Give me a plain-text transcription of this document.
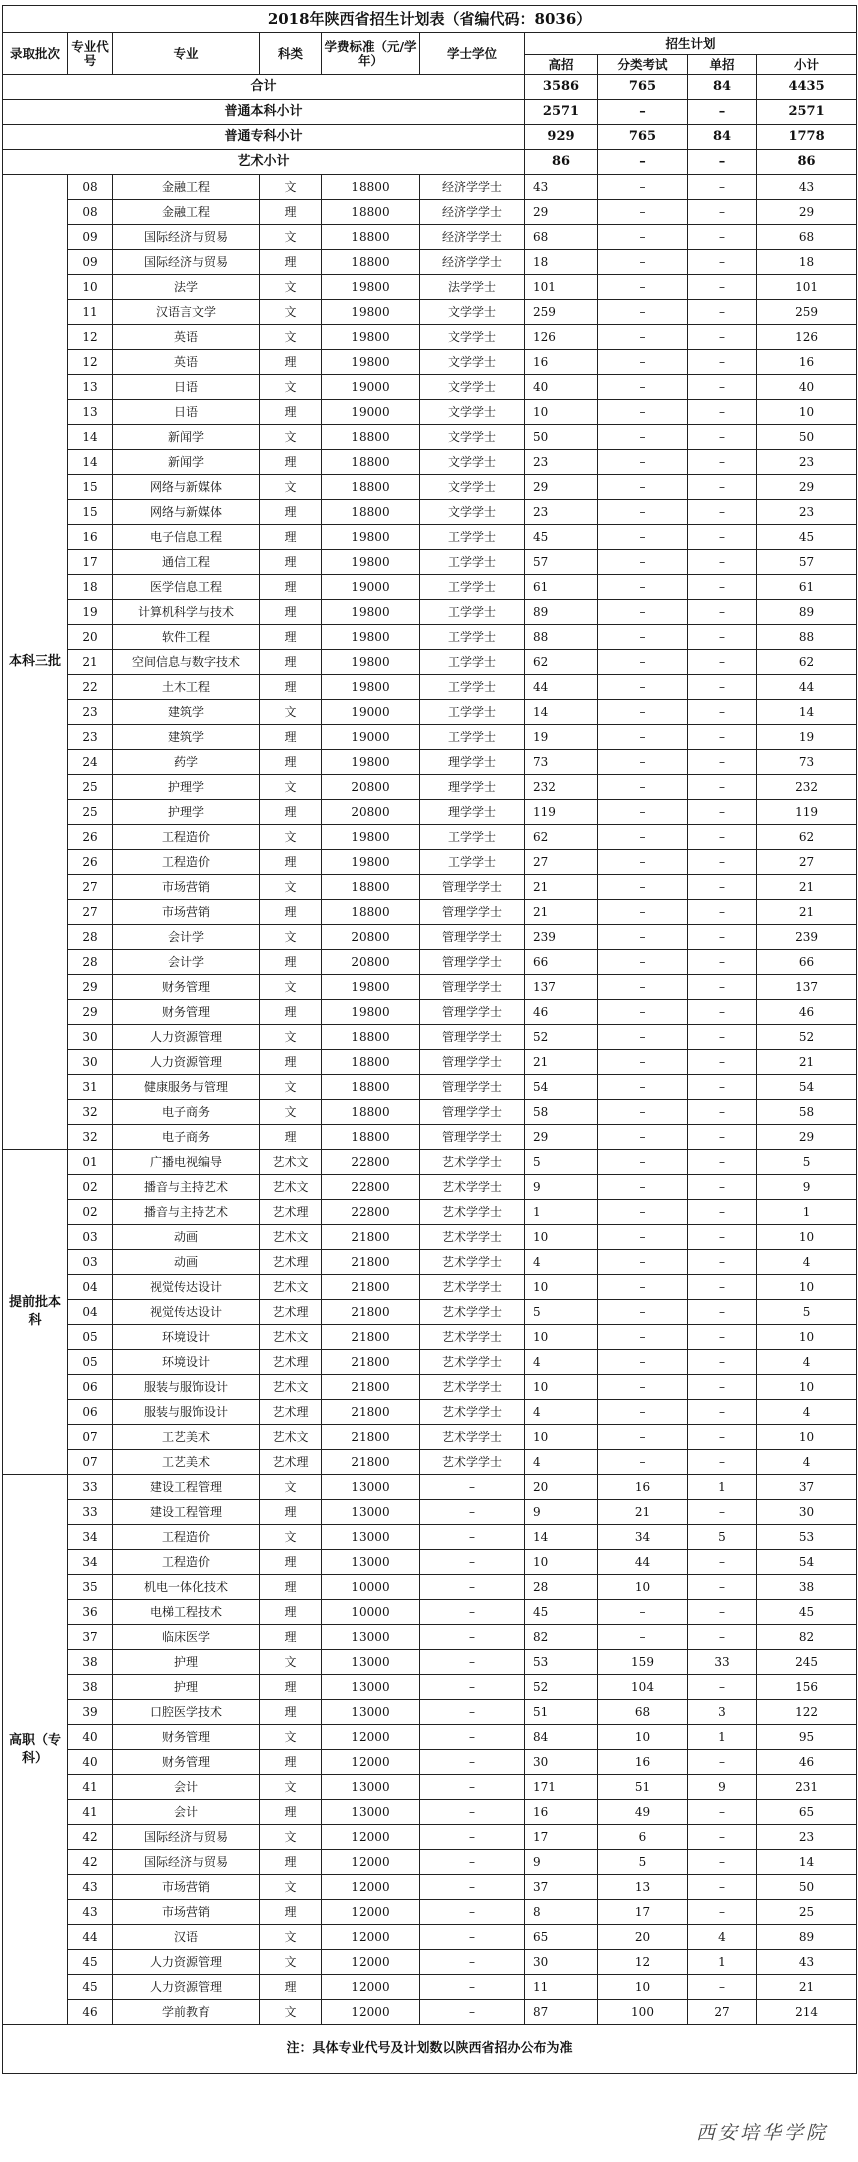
2018年陕西省招生计划表（省编代码：8036）									
录取批次	专业代号	专业	科类	学费标准（元/学年）	学士学位	招生计划			
						高招	分类考试	单招	小计
合计						3586	765	84	4435
普通本科小计						2571	–	–	2571
普通专科小计						929	765	84	1778
艺术小计						86	–	–	86
本科三批	08	金融工程	文	18800	经济学学士	43	–	–	43
	08	金融工程	理	18800	经济学学士	29	–	–	29
	09	国际经济与贸易	文	18800	经济学学士	68	–	–	68
	09	国际经济与贸易	理	18800	经济学学士	18	–	–	18
	10	法学	文	19800	法学学士	101	–	–	101
	11	汉语言文学	文	19800	文学学士	259	–	–	259
	12	英语	文	19800	文学学士	126	–	–	126
	12	英语	理	19800	文学学士	16	–	–	16
	13	日语	文	19000	文学学士	40	–	–	40
	13	日语	理	19000	文学学士	10	–	–	10
	14	新闻学	文	18800	文学学士	50	–	–	50
	14	新闻学	理	18800	文学学士	23	–	–	23
	15	网络与新媒体	文	18800	文学学士	29	–	–	29
	15	网络与新媒体	理	18800	文学学士	23	–	–	23
	16	电子信息工程	理	19800	工学学士	45	–	–	45
	17	通信工程	理	19800	工学学士	57	–	–	57
	18	医学信息工程	理	19000	工学学士	61	–	–	61
	19	计算机科学与技术	理	19800	工学学士	89	–	–	89
	20	软件工程	理	19800	工学学士	88	–	–	88
	21	空间信息与数字技术	理	19800	工学学士	62	–	–	62
	22	土木工程	理	19800	工学学士	44	–	–	44
	23	建筑学	文	19000	工学学士	14	–	–	14
	23	建筑学	理	19000	工学学士	19	–	–	19
	24	药学	理	19800	理学学士	73	–	–	73
	25	护理学	文	20800	理学学士	232	–	–	232
	25	护理学	理	20800	理学学士	119	–	–	119
	26	工程造价	文	19800	工学学士	62	–	–	62
	26	工程造价	理	19800	工学学士	27	–	–	27
	27	市场营销	文	18800	管理学学士	21	–	–	21
	27	市场营销	理	18800	管理学学士	21	–	–	21
	28	会计学	文	20800	管理学学士	239	–	–	239
	28	会计学	理	20800	管理学学士	66	–	–	66
	29	财务管理	文	19800	管理学学士	137	–	–	137
	29	财务管理	理	19800	管理学学士	46	–	–	46
	30	人力资源管理	文	18800	管理学学士	52	–	–	52
	30	人力资源管理	理	18800	管理学学士	21	–	–	21
	31	健康服务与管理	文	18800	管理学学士	54	–	–	54
	32	电子商务	文	18800	管理学学士	58	–	–	58
	32	电子商务	理	18800	管理学学士	29	–	–	29
提前批本科	01	广播电视编导	艺术文	22800	艺术学学士	5	–	–	5
	02	播音与主持艺术	艺术文	22800	艺术学学士	9	–	–	9
	02	播音与主持艺术	艺术理	22800	艺术学学士	1	–	–	1
	03	动画	艺术文	21800	艺术学学士	10	–	–	10
	03	动画	艺术理	21800	艺术学学士	4	–	–	4
	04	视觉传达设计	艺术文	21800	艺术学学士	10	–	–	10
	04	视觉传达设计	艺术理	21800	艺术学学士	5	–	–	5
	05	环境设计	艺术文	21800	艺术学学士	10	–	–	10
	05	环境设计	艺术理	21800	艺术学学士	4	–	–	4
	06	服装与服饰设计	艺术文	21800	艺术学学士	10	–	–	10
	06	服装与服饰设计	艺术理	21800	艺术学学士	4	–	–	4
	07	工艺美术	艺术文	21800	艺术学学士	10	–	–	10
	07	工艺美术	艺术理	21800	艺术学学士	4	–	–	4
高职（专科）	33	建设工程管理	文	13000	–	20	16	1	37
	33	建设工程管理	理	13000	–	9	21	–	30
	34	工程造价	文	13000	–	14	34	5	53
	34	工程造价	理	13000	–	10	44	–	54
	35	机电一体化技术	理	10000	–	28	10	–	38
	36	电梯工程技术	理	10000	–	45	–	–	45
	37	临床医学	理	13000	–	82	–	–	82
	38	护理	文	13000	–	53	159	33	245
	38	护理	理	13000	–	52	104	–	156
	39	口腔医学技术	理	13000	–	51	68	3	122
	40	财务管理	文	12000	–	84	10	1	95
	40	财务管理	理	12000	–	30	16	–	46
	41	会计	文	13000	–	171	51	9	231
	41	会计	理	13000	–	16	49	–	65
	42	国际经济与贸易	文	12000	–	17	6	–	23
	42	国际经济与贸易	理	12000	–	9	5	–	14
	43	市场营销	文	12000	–	37	13	–	50
	43	市场营销	理	12000	–	8	17	–	25
	44	汉语	文	12000	–	65	20	4	89
	45	人力资源管理	文	12000	–	30	12	1	43
	45	人力资源管理	理	12000	–	11	10	–	21
	46	学前教育	文	12000	–	87	100	27	214
注：具体专业代号及计划数以陕西省招办公布为准									
西安培华学院
